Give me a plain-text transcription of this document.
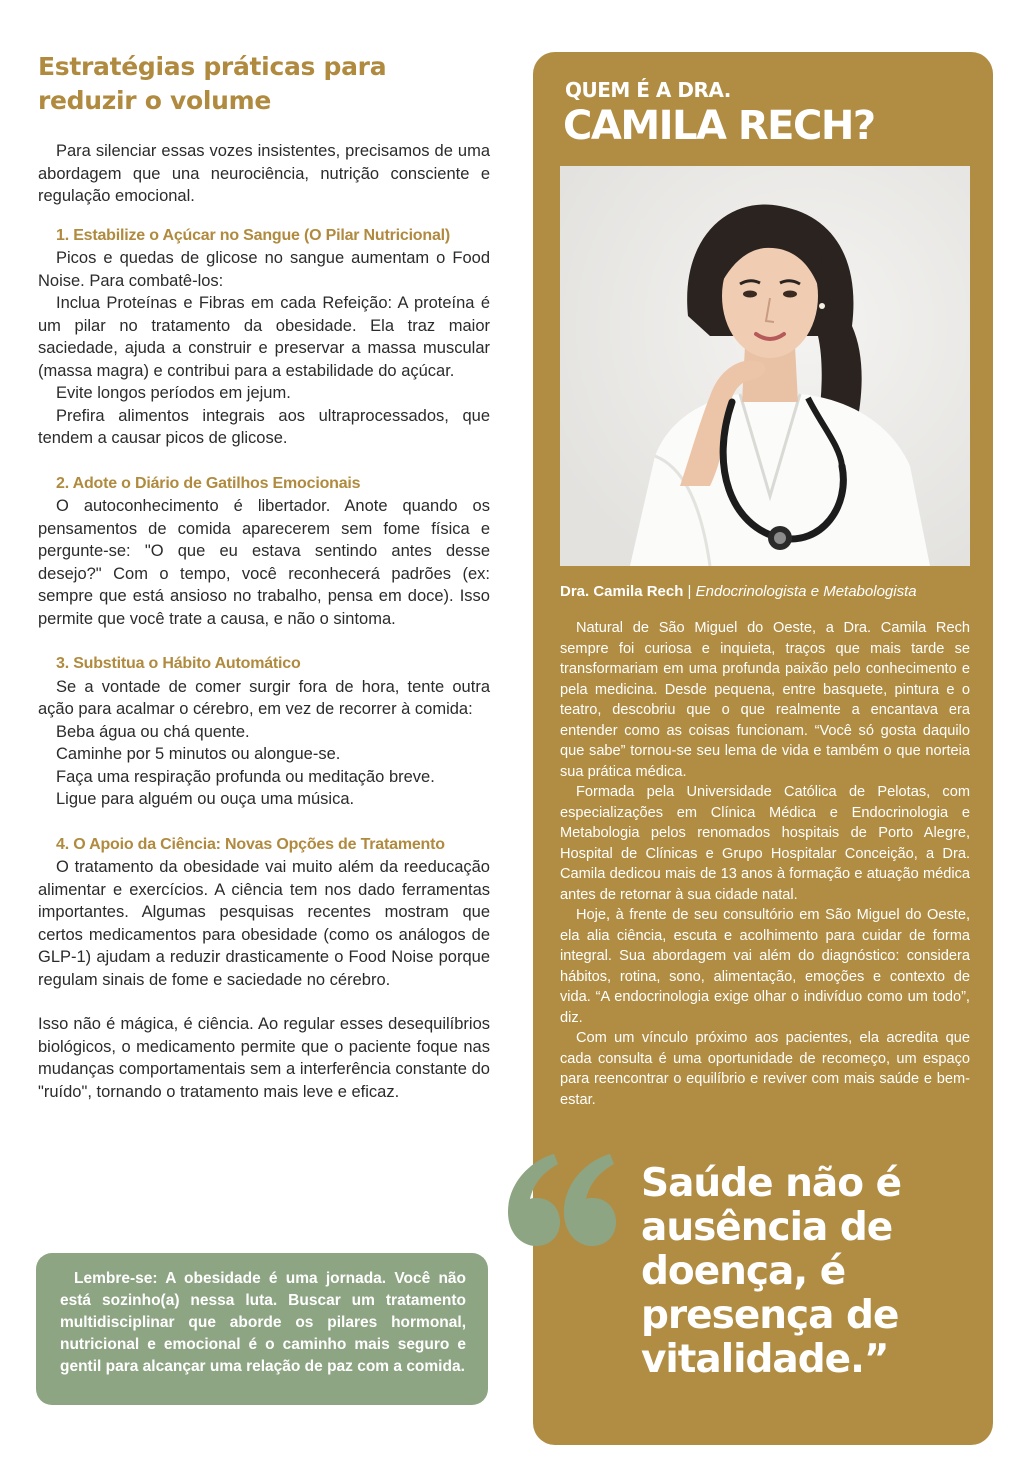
Estratégias práticas para
reduzir o volume

Para silenciar essas vozes insistentes, precisamos de uma abordagem que una neurociência, nutrição consciente e regulação emocional.

1. Estabilize o Açúcar no Sangue (O Pilar Nutricional)

Picos e quedas de glicose no sangue aumentam o Food Noise. Para combatê-los:

Inclua Proteínas e Fibras em cada Refeição: A proteína é um pilar no tratamento da obesidade. Ela traz maior saciedade, ajuda a construir e preservar a massa muscular (massa magra) e contribui para a estabilidade do açúcar.

Evite longos períodos em jejum.

Prefira alimentos integrais aos ultraprocessados, que tendem a causar picos de glicose.

2. Adote o Diário de Gatilhos Emocionais

O autoconhecimento é libertador. Anote quando os pensamentos de comida aparecerem sem fome física e pergunte-se: "O que eu estava sentindo antes desse desejo?" Com o tempo, você reconhecerá padrões (ex: sempre que está ansioso no trabalho, pensa em doce). Isso permite que você trate a causa, e não o sintoma.

3. Substitua o Hábito Automático

Se a vontade de comer surgir fora de hora, tente outra ação para acalmar o cérebro, em vez de recorrer à comida:

Beba água ou chá quente.

Caminhe por 5 minutos ou alongue-se.

Faça uma respiração profunda ou meditação breve.

Ligue para alguém ou ouça uma música.

4. O Apoio da Ciência: Novas Opções de Tratamento

O tratamento da obesidade vai muito além da reeducação alimentar e exercícios. A ciência tem nos dado ferramentas importantes. Algumas pesquisas recentes mostram que certos medicamentos para obesidade (como os análogos de GLP-1) ajudam a reduzir drasticamente o Food Noise porque regulam sinais de fome e saciedade no cérebro.

Isso não é mágica, é ciência. Ao regular esses desequilíbrios biológicos, o medicamento permite que o paciente foque nas mudanças comportamentais sem a interferência constante do "ruído", tornando o tratamento mais leve e eficaz.

Lembre-se: A obesidade é uma jornada. Você não está sozinho(a) nessa luta. Buscar um tratamento multidisciplinar que aborde os pilares hormonal, nutricional e emocional é o caminho mais seguro e gentil para alcançar uma relação de paz com a comida.

QUEM É A DRA.
CAMILA RECH?
Dra. Camila Rech | Endocrinologista e Metabologista

Natural de São Miguel do Oeste, a Dra. Camila Rech sempre foi curiosa e inquieta, traços que mais tarde se transformariam em uma profunda paixão pelo conhecimento e pela medicina. Desde pequena, entre basquete, pintura e o teatro, descobriu que o que realmente a encantava era entender como as coisas funcionam. “Você só gosta daquilo que sabe” tornou-se seu lema de vida e também o que norteia sua prática médica.

Formada pela Universidade Católica de Pelotas, com especializações em Clínica Médica e Endocrinologia e Metabologia pelos renomados hospitais de Porto Alegre, Hospital de Clínicas e Grupo Hospitalar Conceição, a Dra. Camila dedicou mais de 13 anos à formação e atuação médica antes de retornar à sua cidade natal.

Hoje, à frente de seu consultório em São Miguel do Oeste, ela alia ciência, escuta e acolhimento para cuidar de forma integral. Sua abordagem vai além do diagnóstico: considera hábitos, rotina, sono, alimentação, emoções e contexto de vida. “A endocrinologia exige olhar o indivíduo como um todo”, diz.

Com um vínculo próximo aos pacientes, ela acredita que cada consulta é uma oportunidade de recomeço, um espaço para reencontrar o equilíbrio e reviver com mais saúde e bem-estar.

Saúde não é
ausência de
doença, é
presença de
vitalidade.”
